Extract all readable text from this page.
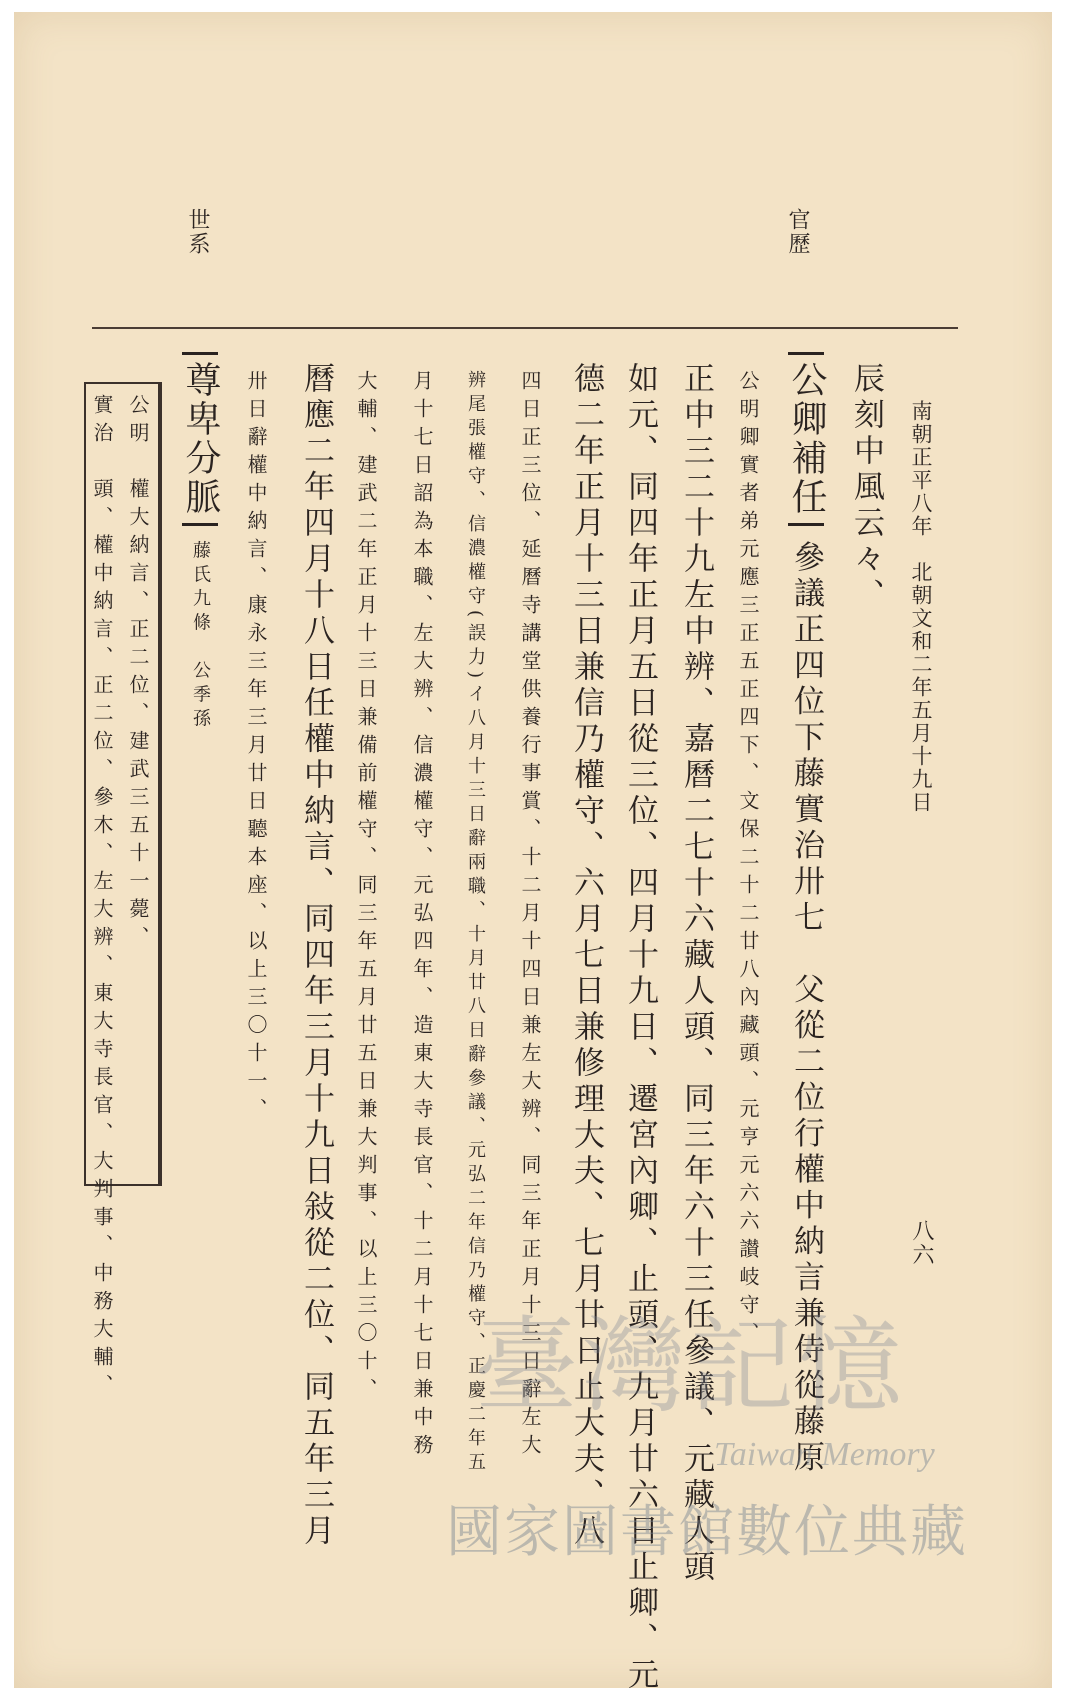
南朝正平八年　北朝文和二年五月十九日
八六
官歷
世系
辰刻中風云々、
公卿補任 參議正四位下藤實治卅七　父從二位行權中納言兼侍從藤原
公明卿實者弟元應三正五正四下、文保二十二廿八內藏頭、元亨元六六讃岐守、
正中三二十九左中辨、嘉曆二七十六藏人頭、同三年六十三任參議、元藏人頭
如元、同四年正月五日從三位、四月十九日、遷宮內卿、止頭、九月廿六日止卿、元
德二年正月十三日兼信乃權守、六月七日兼修理大夫、七月廿日止大夫、八
四日正三位、延曆寺講堂供養行事賞、十二月十四日兼左大辨、同三年正月十三日辭左大
辨尾張權守、信濃權守(誤力)イ八月十三日辭兩職、十月廿八日辭參議、元弘二年信乃權守、正慶二年五
月十七日詔為本職、左大辨、信濃權守、元弘四年、造東大寺長官、十二月十七日兼中務
大輔、建武二年正月十三日兼備前權守、同三年五月廿五日兼大判事、以上三〇十、
曆應二年四月十八日任權中納言、同四年三月十九日敍從二位、同五年三月
卅日辭權中納言、康永三年三月廿日聽本座、以上三〇十一、
尊卑分脈 藤氏九條　公季孫
公明　權大納言、正二位、建武三五十一薨、
實治　頭、權中納言、正二位、參木、左大辨、東大寺長官、大判事、中務大輔、	臺灣記憶
Taiwan Memory
國家圖書館數位典藏
